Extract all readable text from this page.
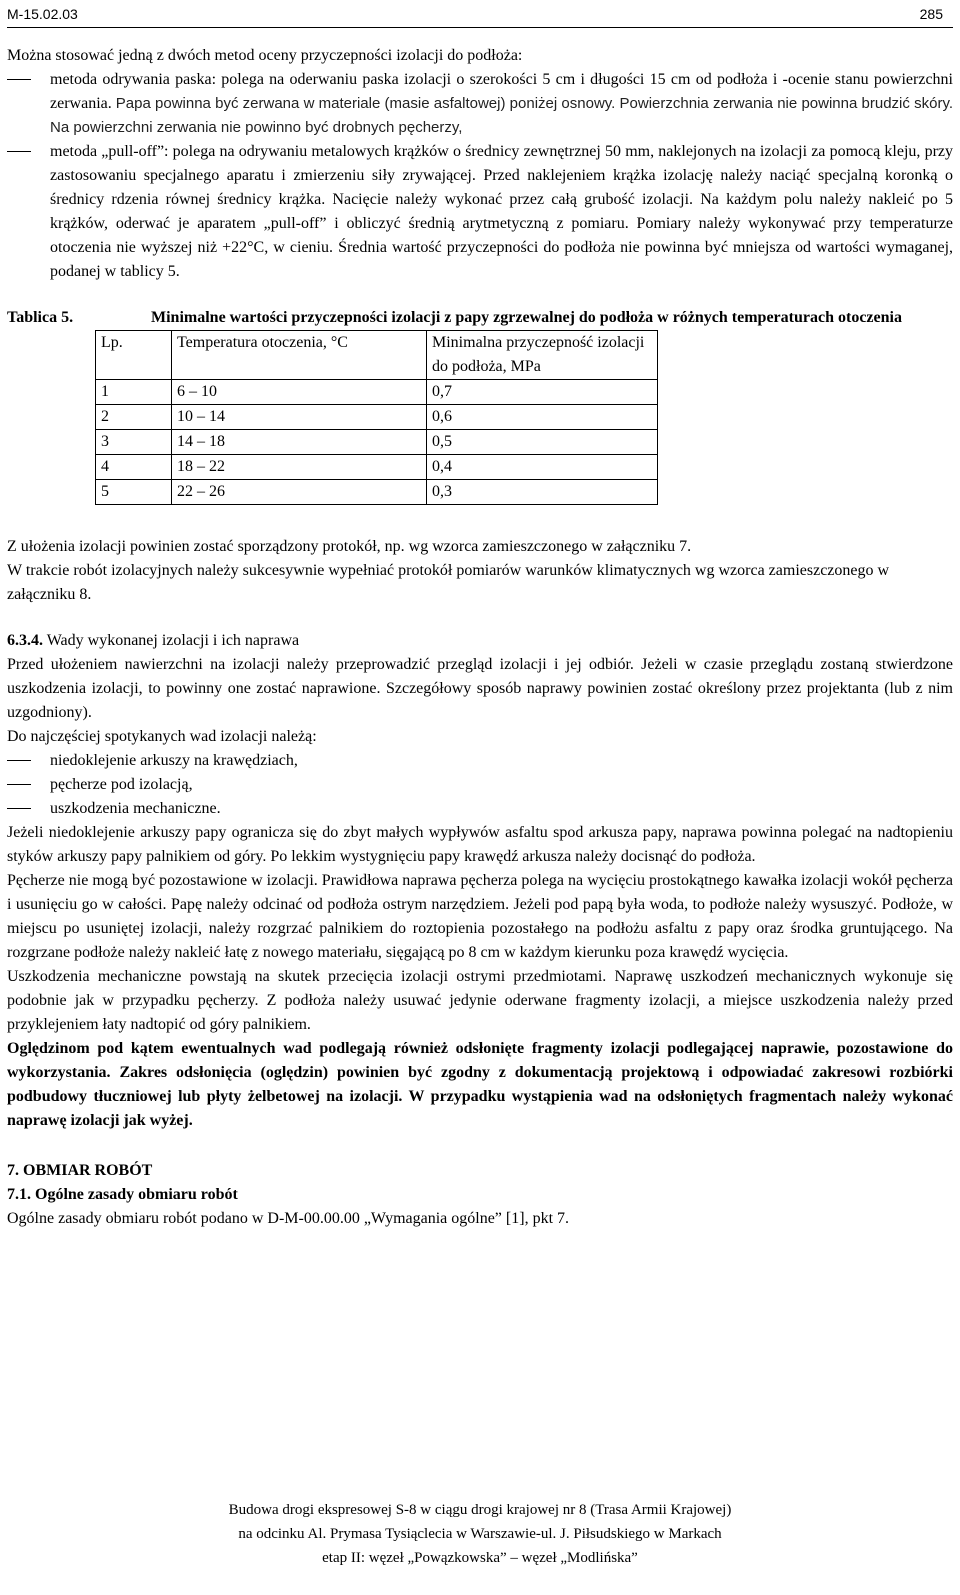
M-15.02.03	285

Można stosować jedną z dwóch metod oceny przyczepności izolacji do podłoża:

metoda odrywania paska: polega na oderwaniu paska izolacji o szerokości 5 cm i długości 15 cm od podłoża i -ocenie stanu powierzchni zerwania. Papa powinna być zerwana w materiale (masie asfaltowej) poniżej osnowy. Powierzchnia zerwania nie powinna brudzić skóry. Na powierzchni zerwania nie powinno być drobnych pęcherzy,

metoda „pull-off”: polega na odrywaniu metalowych krążków o średnicy zewnętrznej 50 mm, naklejonych na izolacji za pomocą kleju, przy zastosowaniu specjalnego aparatu i zmierzeniu siły zrywającej. Przed naklejeniem krążka izolację należy naciąć specjalną koronką o średnicy rdzenia równej średnicy krążka. Nacięcie należy wykonać przez całą grubość izolacji. Na każdym polu należy nakleić po 5 krążków, oderwać je aparatem „pull-off” i obliczyć średnią arytmetyczną z pomiaru. Pomiary należy wykonywać przy temperaturze otoczenia nie wyższej niż +22°C, w cieniu. Średnia wartość przyczepności do podłoża nie powinna być mniejsza od wartości wymaganej, podanej w tablicy 5.

Tablica 5.	Minimalne wartości przyczepności izolacji z papy zgrzewalnej do podłoża w różnych temperaturach otoczenia

Lp.	Temperatura otoczenia, °C	Minimalna przyczepność izolacji do podłoża, MPa
1	6 – 10	0,7
2	10 – 14	0,6
3	14 – 18	0,5
4	18 – 22	0,4
5	22 – 26	0,3

Z ułożenia izolacji powinien zostać sporządzony protokół, np. wg wzorca zamieszczonego w załączniku 7.

W trakcie robót izolacyjnych należy sukcesywnie wypełniać protokół pomiarów warunków klimatycznych wg wzorca zamieszczonego w załączniku 8.

6.3.4. Wady wykonanej izolacji i ich naprawa

Przed ułożeniem nawierzchni na izolacji należy przeprowadzić przegląd izolacji i jej odbiór. Jeżeli w czasie przeglądu zostaną stwierdzone uszkodzenia izolacji, to powinny one zostać naprawione. Szczegółowy sposób naprawy powinien zostać określony przez projektanta (lub z nim uzgodniony).

Do najczęściej spotykanych wad izolacji należą:

niedoklejenie arkuszy na krawędziach,

pęcherze pod izolacją,

uszkodzenia mechaniczne.

Jeżeli niedoklejenie arkuszy papy ogranicza się do zbyt małych wypływów asfaltu spod arkusza papy, naprawa powinna polegać na nadtopieniu styków arkuszy papy palnikiem od góry. Po lekkim wystygnięciu papy krawędź arkusza należy docisnąć do podłoża.

Pęcherze nie mogą być pozostawione w izolacji. Prawidłowa naprawa pęcherza polega na wycięciu prostokątnego kawałka izolacji wokół pęcherza i usunięciu go w całości. Papę należy odcinać od podłoża ostrym narzędziem. Jeżeli pod papą była woda, to podłoże należy wysuszyć. Podłoże, w miejscu po usuniętej izolacji, należy rozgrzać palnikiem do roztopienia pozostałego na podłożu asfaltu z papy oraz środka gruntującego. Na rozgrzane podłoże należy nakleić łatę z nowego materiału, sięgającą po 8 cm w każdym kierunku poza krawędź wycięcia.

Uszkodzenia mechaniczne powstają na skutek przecięcia izolacji ostrymi przedmiotami. Naprawę uszkodzeń mechanicznych wykonuje się podobnie jak w przypadku pęcherzy. Z podłoża należy usuwać jedynie oderwane fragmenty izolacji, a miejsce uszkodzenia należy przed przyklejeniem łaty nadtopić od góry palnikiem.

Oględzinom pod kątem ewentualnych wad podlegają również odsłonięte fragmenty izolacji podlegającej naprawie, pozostawione do wykorzystania. Zakres odsłonięcia (oględzin) powinien być zgodny z dokumentacją projektową i odpowiadać zakresowi rozbiórki podbudowy tłuczniowej lub płyty żelbetowej na izolacji. W przypadku wystąpienia wad na odsłoniętych fragmentach należy wykonać naprawę izolacji jak wyżej.

7. OBMIAR ROBÓT

7.1. Ogólne zasady obmiaru robót

Ogólne zasady obmiaru robót podano w D-M-00.00.00 „Wymagania ogólne” [1], pkt 7.

Budowa drogi ekspresowej S-8 w ciągu drogi krajowej nr 8 (Trasa Armii Krajowej)
na odcinku Al. Prymasa Tysiąclecia w Warszawie-ul. J. Piłsudskiego w Markach
etap II: węzeł „Powązkowska” – węzeł „Modlińska”
